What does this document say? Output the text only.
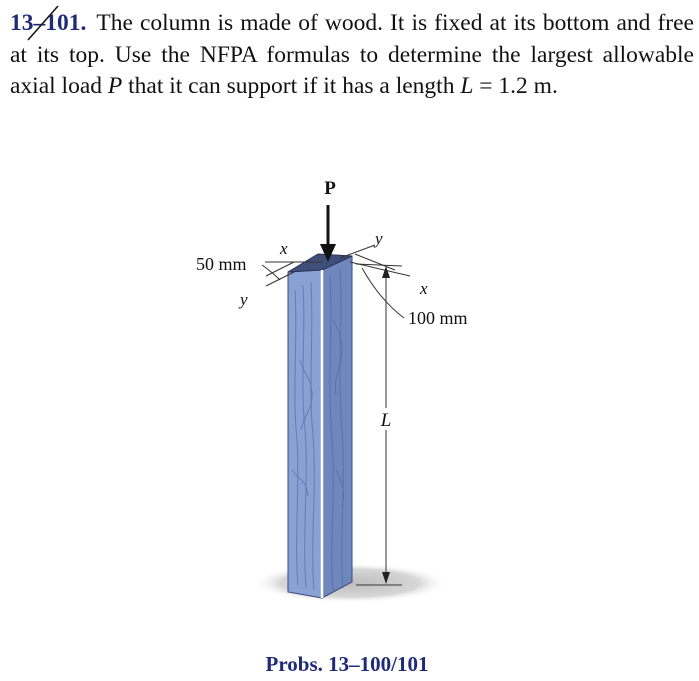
13–101. The column is made of wood. It is fixed at its bottom and free at its top. Use the NFPA formulas to determine the largest allowable axial load P that it can support if it has a length L = 1.2 m.
P
x
y
y
x
50 mm
100 mm
L
Probs. 13–100/101
